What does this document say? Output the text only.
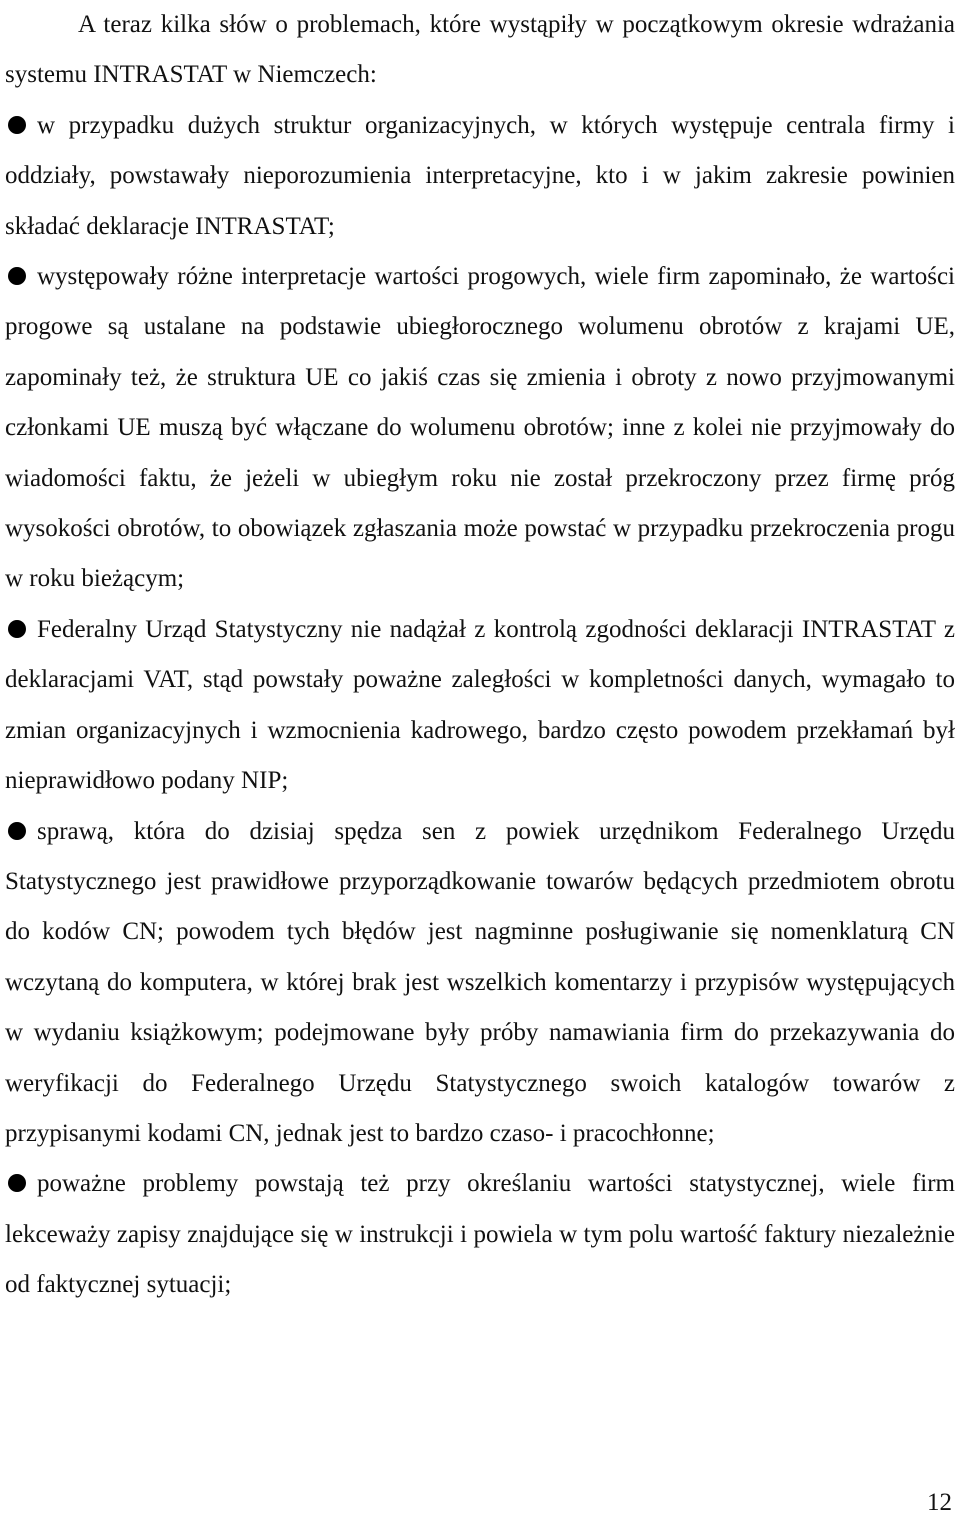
A teraz kilka słów o problemach, które wystąpiły w początkowym okresie wdrażania systemu INTRASTAT w Niemczech:

w przypadku dużych struktur organizacyjnych, w których występuje centrala firmy i oddziały, powstawały nieporozumienia interpretacyjne, kto i w jakim zakresie powinien składać deklaracje INTRASTAT;

występowały różne interpretacje wartości progowych, wiele firm zapominało, że wartości progowe są ustalane na podstawie ubiegłorocznego wolumenu obrotów z krajami UE, zapominały też, że struktura UE co jakiś czas się zmienia i obroty z nowo przyjmowanymi członkami UE muszą być włączane do wolumenu obrotów; inne z kolei nie przyjmowały do wiadomości faktu, że jeżeli w ubiegłym roku nie został przekroczony przez firmę próg wysokości obrotów, to obowiązek zgłaszania może powstać w przypadku przekroczenia progu w roku bieżącym;

Federalny Urząd Statystyczny nie nadążał z kontrolą zgodności deklaracji INTRASTAT z deklaracjami VAT, stąd powstały poważne zaległości w kompletności danych, wymagało to zmian organizacyjnych i wzmocnienia kadrowego, bardzo często powodem przekłamań był nieprawidłowo podany NIP;

sprawą, która do dzisiaj spędza sen z powiek urzędnikom Federalnego Urzędu Statystycznego jest prawidłowe przyporządkowanie towarów będących przedmiotem obrotu do kodów CN; powodem tych błędów jest nagminne posługiwanie się nomenklaturą CN wczytaną do komputera, w której brak jest wszelkich komentarzy i przypisów występujących w wydaniu książkowym; podejmowane były próby namawiania firm do przekazywania do weryfikacji do Federalnego Urzędu Statystycznego swoich katalogów towarów z przypisanymi kodami CN, jednak jest to bardzo czaso- i pracochłonne;

poważne problemy powstają też przy określaniu wartości statystycznej, wiele firm lekceważy zapisy znajdujące się w instrukcji i powiela w tym polu wartość faktury niezależnie od faktycznej sytuacji;

12
